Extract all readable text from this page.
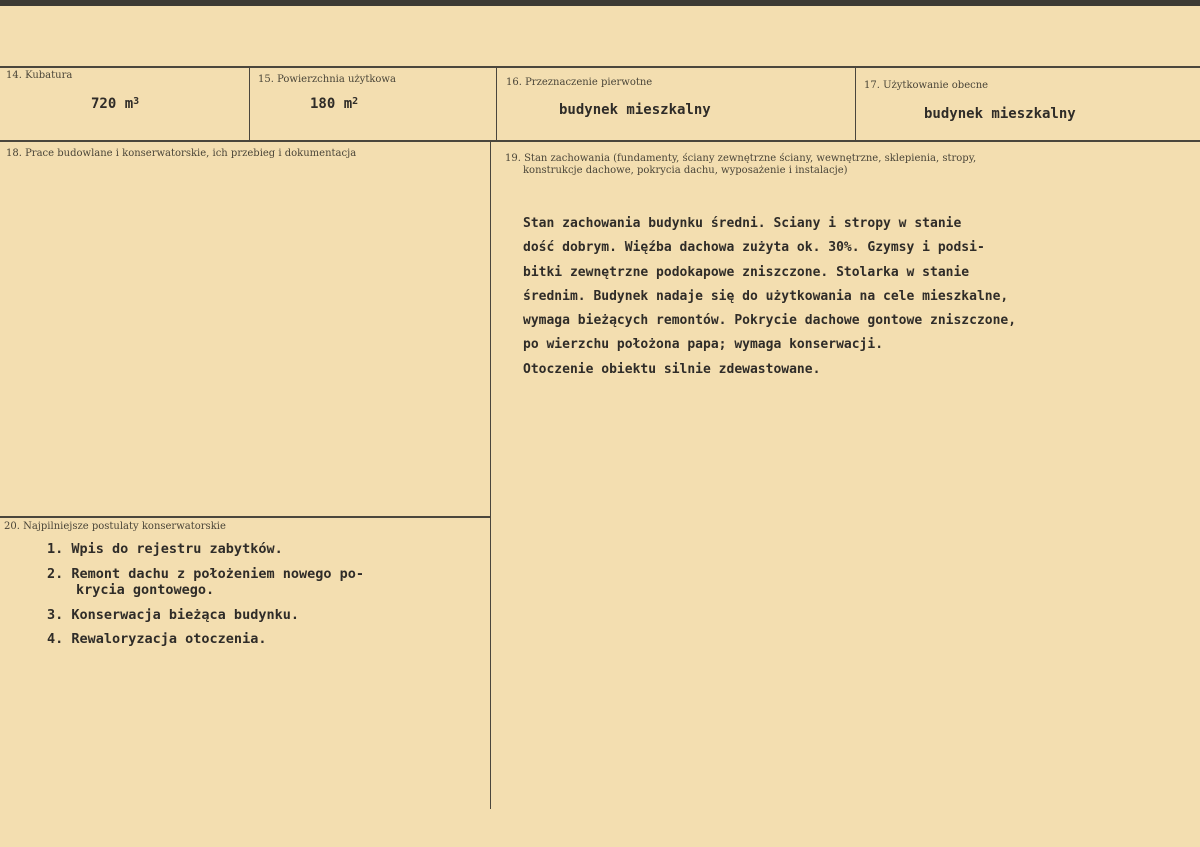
14. Kubatura
720 $m^3$
15. Powierzchnia użytkowa
180 $m^2$
16. Przeznaczenie pierwotne
budynek mieszkalny
17. Użytkowanie obecne
budynek mieszkalny
18. Prace budowlane i konserwatorskie, ich przebieg i dokumentacja	19. Stan zachowania (fundamenty, ściany zewnętrzne ściany, wewnętrzne, sklepienia, stropy,
konstrukcje dachowe, pokrycia dachu, wyposażenie i instalacje)
Stan zachowania budynku średni. Sciany i stropy w stanie
dość dobrym. Więźba dachowa zużyta ok. 30%. Gzymsy i podsi-
bitki zewnętrzne podokapowe zniszczone. Stolarka w stanie
średnim. Budynek nadaje się do użytkowania na cele mieszkalne,
wymaga bieżących remontów. Pokrycie dachowe gontowe zniszczone,
po wierzchu położona papa; wymaga konserwacji.
Otoczenie obiektu silnie zdewastowane.
20. Najpilniejsze postulaty konserwatorskie
1. Wpis do rejestru zabytków.
2. Remont dachu z położeniem nowego po-
krycia gontowego.
3. Konserwacja bieżąca budynku.
4. Rewaloryzacja otoczenia.
